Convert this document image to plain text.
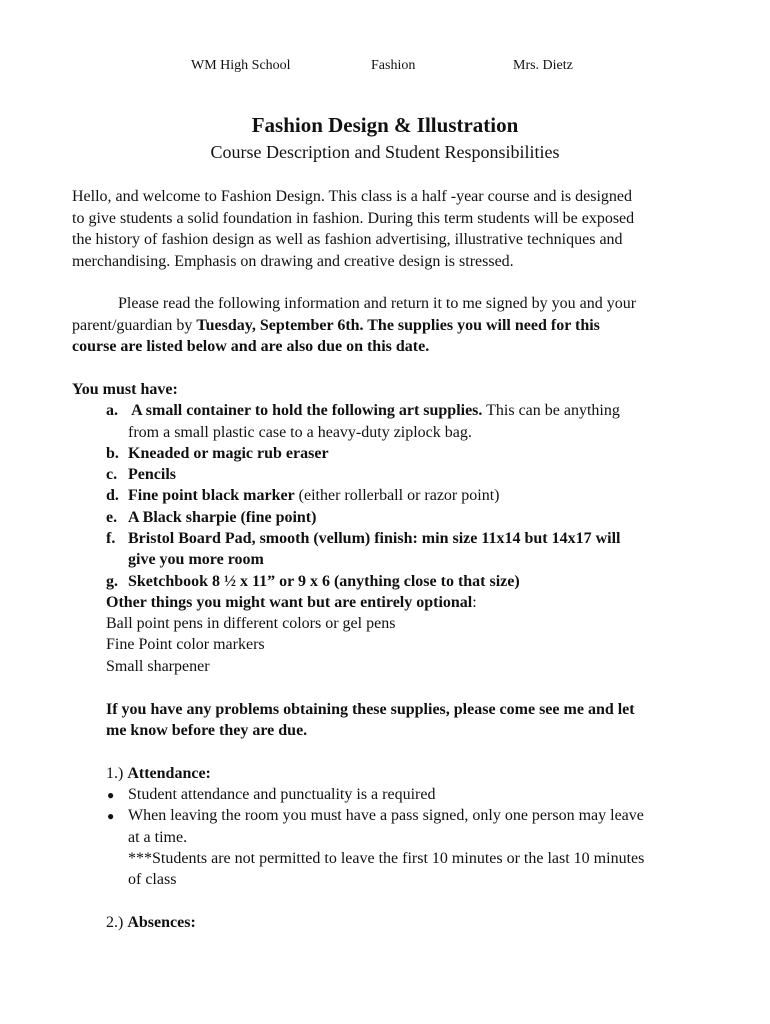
WM High School	Fashion	Mrs. Dietz
Fashion Design & Illustration
Course Description and Student Responsibilities
Hello, and welcome to Fashion Design. This class is a half -year course and is designed
to give students a solid foundation in fashion. During this term students will be exposed
the history of fashion design as well as fashion advertising, illustrative techniques and
merchandising. Emphasis on drawing and creative design is stressed.
Please read the following information and return it to me signed by you and your
parent/guardian by Tuesday, September 6th. The supplies you will need for this
course are listed below and are also due on this date.
You must have:
a. A small container to hold the following art supplies. This can be anything
from a small plastic case to a heavy-duty ziplock bag.
b. Kneaded or magic rub eraser
c. Pencils
d. Fine point black marker (either rollerball or razor point)
e. A Black sharpie (fine point)
f. Bristol Board Pad, smooth (vellum) finish: min size 11x14 but 14x17 will
give you more room
g. Sketchbook 8 ½ x 11” or 9 x 6 (anything close to that size)
Other things you might want but are entirely optional:
Ball point pens in different colors or gel pens
Fine Point color markers
Small sharpener
If you have any problems obtaining these supplies, please come see me and let
me know before they are due.
1.) Attendance:
● Student attendance and punctuality is a required
● When leaving the room you must have a pass signed, only one person may leave
at a time.
***Students are not permitted to leave the first 10 minutes or the last 10 minutes
of class
2.) Absences:
